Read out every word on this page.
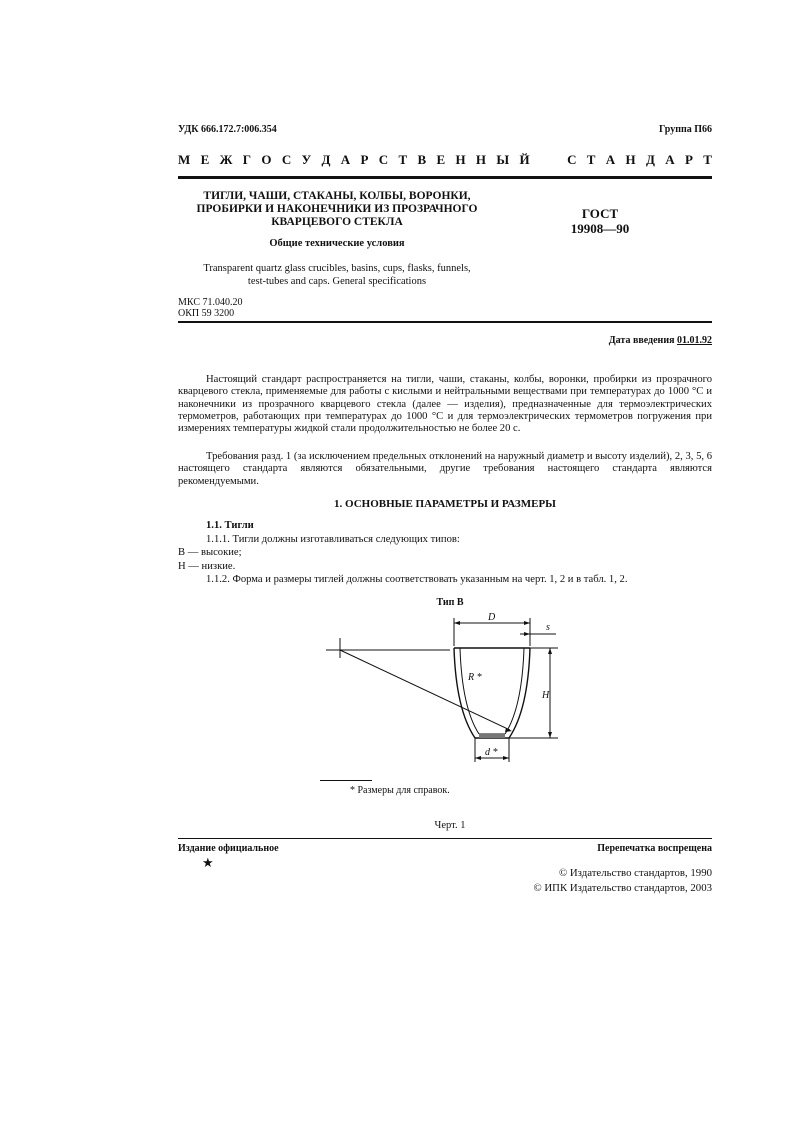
УДК 666.172.7:006.354	Группа П66
М Е Ж Г О С У Д А Р С Т В Е Н Н Ы Й

	С Т А Н Д А Р Т
ТИГЛИ, ЧАШИ, СТАКАНЫ, КОЛБЫ, ВОРОНКИ,
ПРОБИРКИ И НАКОНЕЧНИКИ ИЗ ПРОЗРАЧНОГО
КВАРЦЕВОГО СТЕКЛА
Общие технические условия
Transparent quartz glass crucibles, basins, cups, flasks, funnels,
test-tubes and caps. General specifications
ГОСТ
19908—90
МКС 71.040.20
ОКП 59 3200
Дата введения 01.01.92
Настоящий стандарт распространяется на тигли, чаши, стаканы, колбы, воронки, пробирки из прозрачного кварцевого стекла, применяемые для работы с кислыми и нейтральными веществами при температурах до 1000 °С и наконечники из прозрачного кварцевого стекла (далее — изделия), предназначенные для термоэлектрических термометров, работающих при температурах до 1000 °С и для термоэлектрических термометров погружения при измерениях температуры жидкой стали продолжительностью не более 20 с.
Требования разд. 1 (за исключением предельных отклонений на наружный диаметр и высоту изделий), 2, 3, 5, 6 настоящего стандарта являются обязательными, другие требования настоящего стандарта являются рекомендуемыми.
1. ОСНОВНЫЕ ПАРАМЕТРЫ И РАЗМЕРЫ
1.1. Тигли
1.1.1. Тигли должны изготавливаться следующих типов:
В — высокие;
Н — низкие.
1.1.2. Форма и размеры тиглей должны соответствовать указанным на черт. 1, 2 и в табл. 1, 2.
Тип В
D
s
H
R *
d *
* Размеры для справок.
Черт. 1
Издание официальное	Перепечатка воспрещена
★
© Издательство стандартов, 1990
© ИПК Издательство стандартов, 2003
